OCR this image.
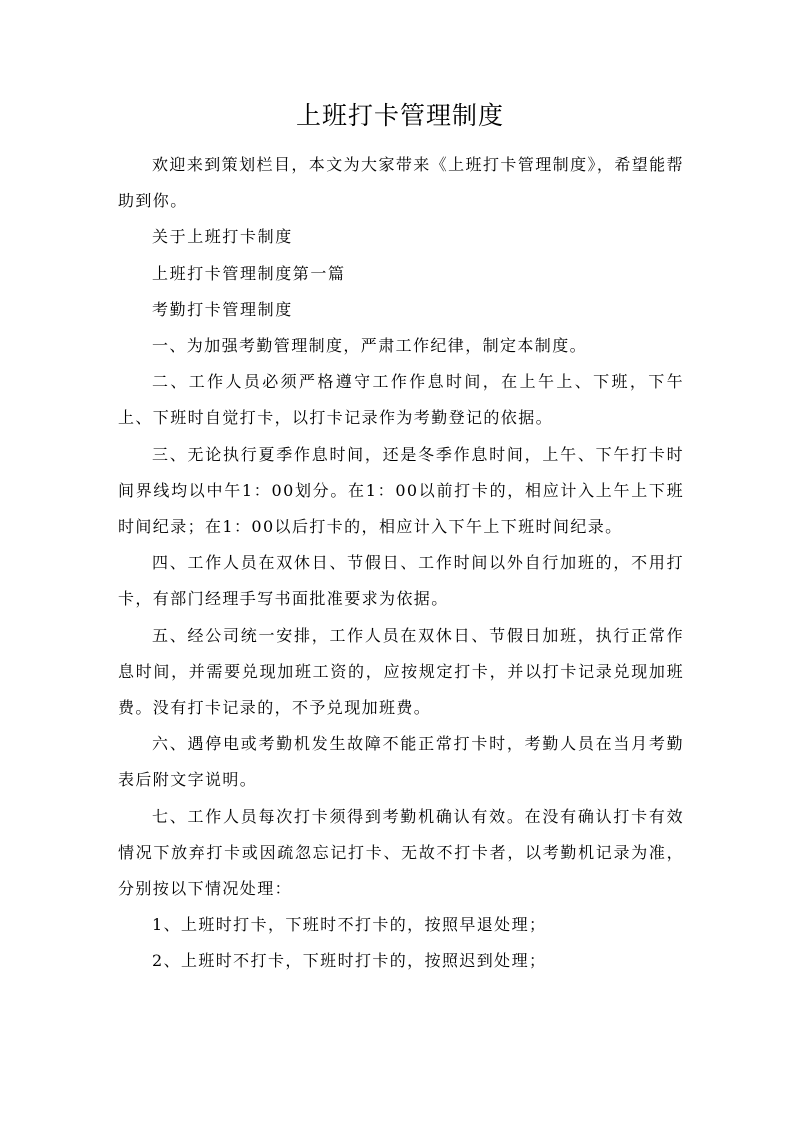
上班打卡管理制度

欢迎来到策划栏目，本文为大家带来《上班打卡管理制度》，希望能帮助到你。

关于上班打卡制度

上班打卡管理制度第一篇

考勤打卡管理制度

一、为加强考勤管理制度，严肃工作纪律，制定本制度。

二、工作人员必须严格遵守工作作息时间，在上午上、下班，下午上、下班时自觉打卡，以打卡记录作为考勤登记的依据。

三、无论执行夏季作息时间，还是冬季作息时间，上午、下午打卡时间界线均以中午1：00划分。在1：00以前打卡的，相应计入上午上下班时间纪录；在1：00以后打卡的，相应计入下午上下班时间纪录。

四、工作人员在双休日、节假日、工作时间以外自行加班的，不用打卡，有部门经理手写书面批准要求为依据。

五、经公司统一安排，工作人员在双休日、节假日加班，执行正常作息时间，并需要兑现加班工资的，应按规定打卡，并以打卡记录兑现加班费。没有打卡记录的，不予兑现加班费。

六、遇停电或考勤机发生故障不能正常打卡时，考勤人员在当月考勤表后附文字说明。

七、工作人员每次打卡须得到考勤机确认有效。在没有确认打卡有效情况下放弃打卡或因疏忽忘记打卡、无故不打卡者，以考勤机记录为准，分别按以下情况处理：

1、上班时打卡，下班时不打卡的，按照早退处理；

2、上班时不打卡，下班时打卡的，按照迟到处理；
